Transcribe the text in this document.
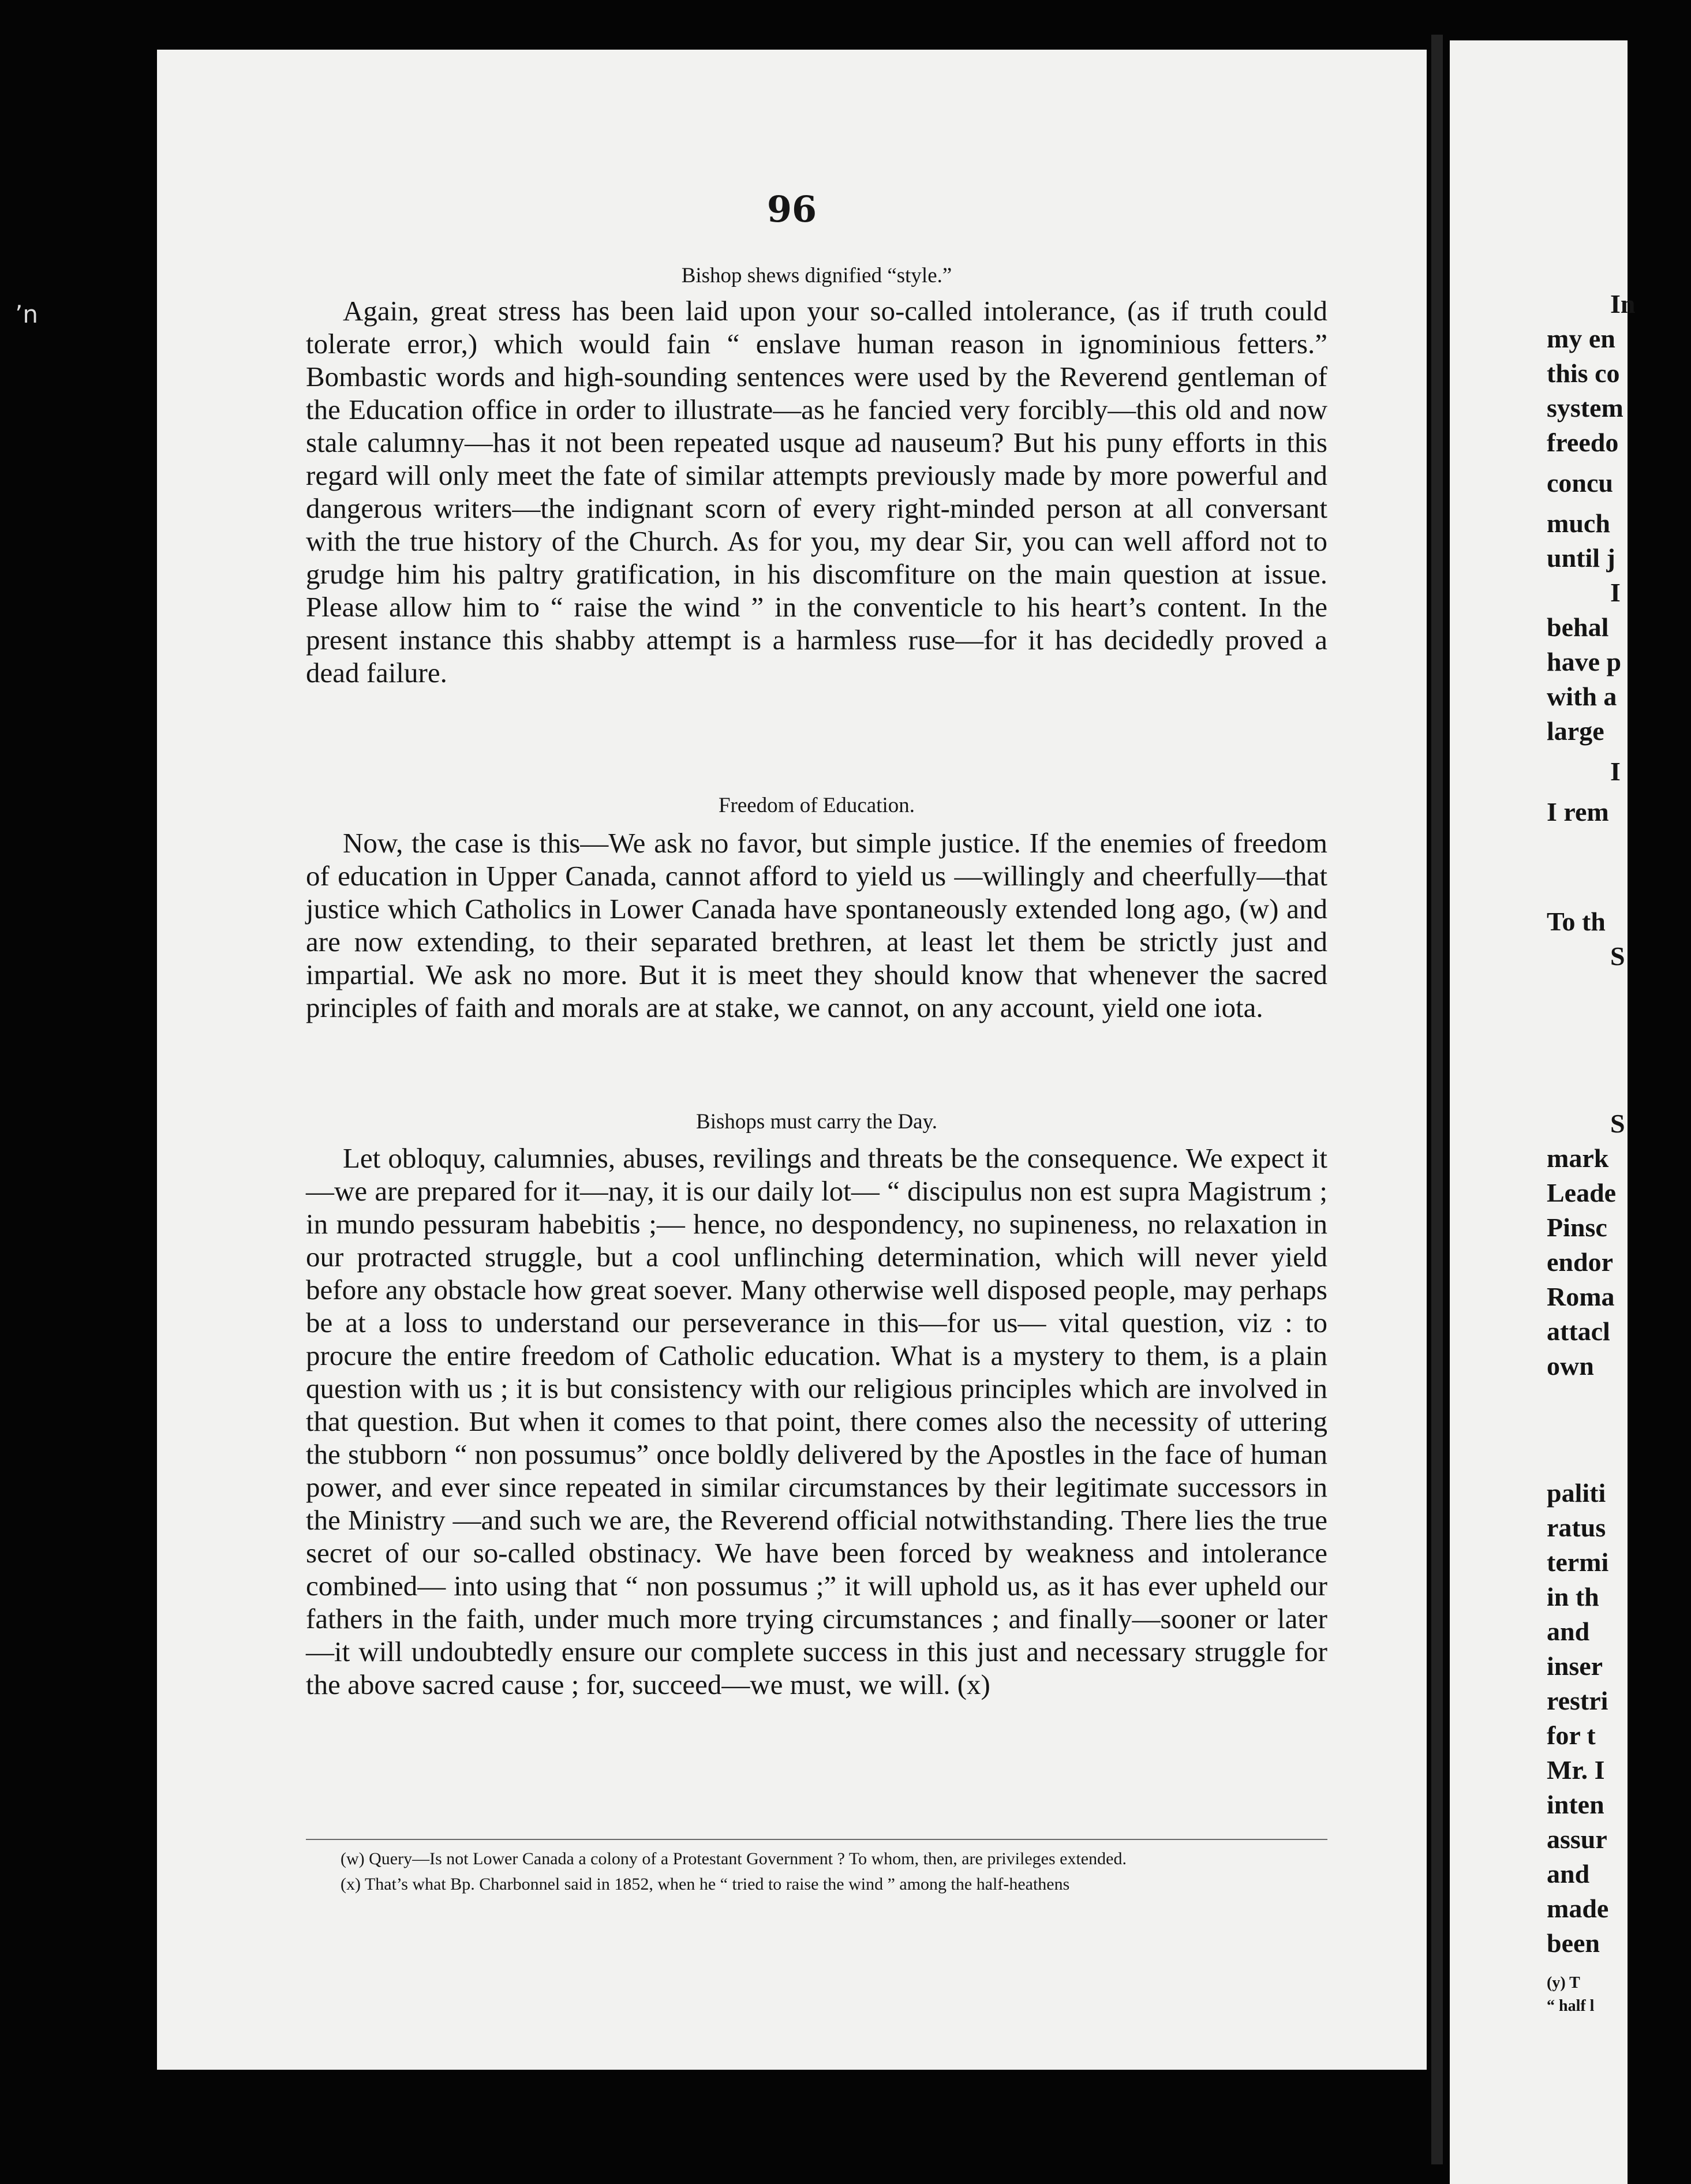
ʼn
96
Bishop shews dignified “style.”

Again, great stress has been laid upon your so-called intolerance, (as if truth could tolerate error,) which would fain “ enslave human reason in ignominious fetters.” Bombastic words and high-sounding sentences were used by the Reverend gentleman of the Education office in order to illustrate—as he fancied very forcibly—this old and now stale calumny—has it not been repeated usque ad nauseum? But his puny efforts in this regard will only meet the fate of similar attempts previously made by more powerful and dangerous writers—the indignant scorn of every right-minded person at all conversant with the true history of the Church. As for you, my dear Sir, you can well afford not to grudge him his paltry gratification, in his discomfiture on the main question at issue. Please allow him to “ raise the wind ” in the conventicle to his heart’s content. In the present instance this shabby attempt is a harmless ruse—for it has decidedly proved a dead failure.

Freedom of Education.

Now, the case is this—We ask no favor, but simple justice. If the enemies of freedom of education in Upper Canada, cannot afford to yield us —willingly and cheerfully—that justice which Catholics in Lower Canada have spontaneously extended long ago, (w) and are now extending, to their separated brethren, at least let them be strictly just and impartial. We ask no more. But it is meet they should know that whenever the sacred principles of faith and morals are at stake, we cannot, on any account, yield one iota.

Bishops must carry the Day.

Let obloquy, calumnies, abuses, revilings and threats be the consequence. We expect it—we are prepared for it—nay, it is our daily lot— “ discipulus non est supra Magistrum ; in mundo pessuram habebitis ;— hence, no despondency, no supineness, no relaxation in our protracted struggle, but a cool unflinching determination, which will never yield before any obstacle how great soever. Many otherwise well disposed people, may perhaps be at a loss to understand our perseverance in this—for us— vital question, viz : to procure the entire freedom of Catholic education. What is a mystery to them, is a plain question with us ; it is but consistency with our religious principles which are involved in that question. But when it comes to that point, there comes also the necessity of uttering the stubborn “ non possumus” once boldly delivered by the Apostles in the face of human power, and ever since repeated in similar circumstances by their legitimate successors in the Ministry —and such we are, the Reverend official notwithstanding. There lies the true secret of our so-called obstinacy. We have been forced by weakness and intolerance combined— into using that “ non possumus ;” it will uphold us, as it has ever upheld our fathers in the faith, under much more trying circumstances ; and finally—sooner or later—it will undoubtedly ensure our complete success in this just and necessary struggle for the above sacred cause ; for, succeed—we must, we will. (x)

(w) Query—Is not Lower Canada a colony of a Protestant Government ? To whom, then, are privileges extended.

(x) That’s what Bp. Charbonnel said in 1852, when he “ tried to raise the wind ” among the half-heathens

In
my en
this co
system
freedo
concu
much
until j
I
behal
have p
with a
large
I
I rem
To th
S
S
mark
Leade
Pinsc
endor
Roma
attacl
own
paliti
ratus
termi
in th
and
inser
restri
for t
Mr. I
inten
assur
and
made
been
(y) T
“ half l
